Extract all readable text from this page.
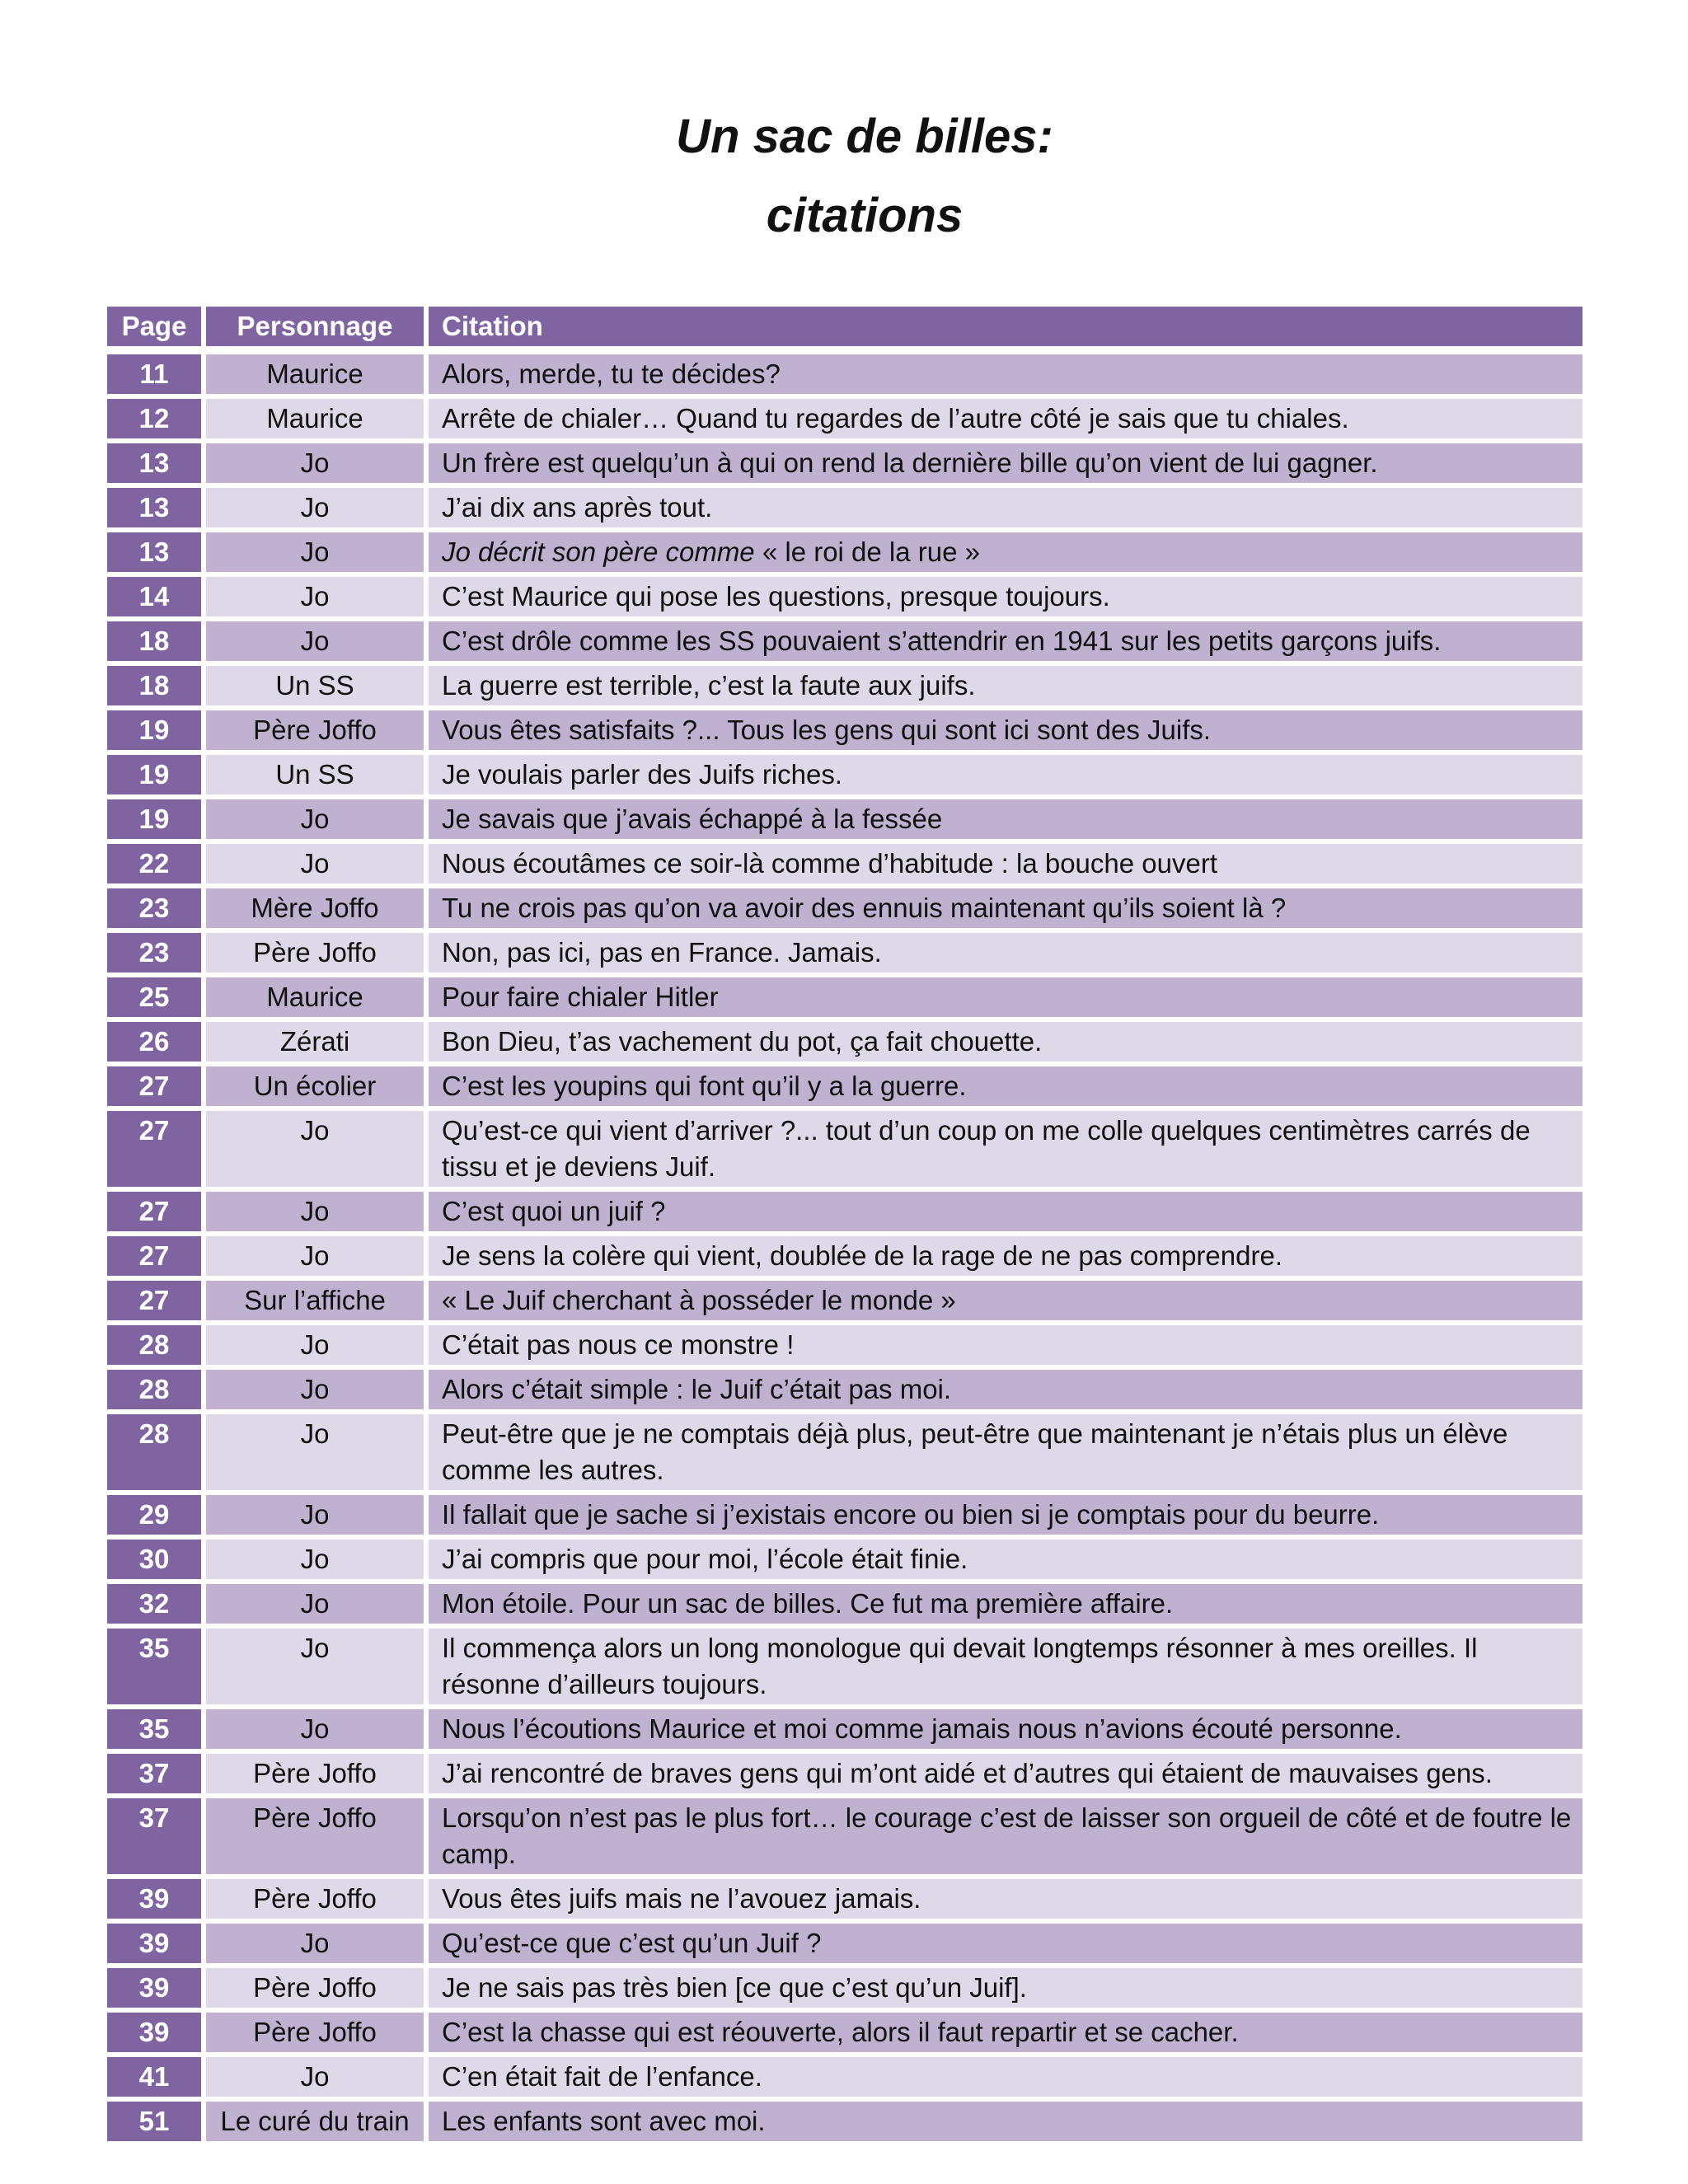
Un sac de billes:
citations
Page	Personnage	Citation
11	Maurice	Alors, merde, tu te décides?
12	Maurice	Arrête de chialer… Quand tu regardes de l’autre côté je sais que tu chiales.
13	Jo	Un frère est quelqu’un à qui on rend la dernière bille qu’on vient de lui gagner.
13	Jo	J’ai dix ans après tout.
13	Jo	Jo décrit son père comme « le roi de la rue »
14	Jo	C’est Maurice qui pose les questions, presque toujours.
18	Jo	C’est drôle comme les SS pouvaient s’attendrir en 1941 sur les petits garçons juifs.
18	Un SS	La guerre est terrible, c’est la faute aux juifs.
19	Père Joffo	Vous êtes satisfaits ?... Tous les gens qui sont ici sont des Juifs.
19	Un SS	Je voulais parler des Juifs riches.
19	Jo	Je savais que j’avais échappé à la fessée
22	Jo	Nous écoutâmes ce soir-là comme d’habitude : la bouche ouvert
23	Mère Joffo	Tu ne crois pas qu’on va avoir des ennuis maintenant qu’ils soient là ?
23	Père Joffo	Non, pas ici, pas en France. Jamais.
25	Maurice	Pour faire chialer Hitler
26	Zérati	Bon Dieu, t’as vachement du pot, ça fait chouette.
27	Un écolier	C’est les youpins qui font qu’il y a la guerre.
27	Jo	Qu’est-ce qui vient d’arriver ?... tout d’un coup on me colle quelques centimètres carrés de tissu et je deviens Juif.
27	Jo	C’est quoi un juif ?
27	Jo	Je sens la colère qui vient, doublée de la rage de ne pas comprendre.
27	Sur l’affiche	« Le Juif cherchant à posséder le monde »
28	Jo	C’était pas nous ce monstre !
28	Jo	Alors c’était simple : le Juif c’était pas moi.
28	Jo	Peut-être que je ne comptais déjà plus, peut-être que maintenant je n’étais plus un élève comme les autres.
29	Jo	Il fallait que je sache si j’existais encore ou bien si je comptais pour du beurre.
30	Jo	J’ai compris que pour moi, l’école était finie.
32	Jo	Mon étoile. Pour un sac de billes. Ce fut ma première affaire.
35	Jo	Il commença alors un long monologue qui devait longtemps résonner à mes oreilles. Il résonne d’ailleurs toujours.
35	Jo	Nous l’écoutions Maurice et moi comme jamais nous n’avions écouté personne.
37	Père Joffo	J’ai rencontré de braves gens qui m’ont aidé et d’autres qui étaient de mauvaises gens.
37	Père Joffo	Lorsqu’on n’est pas le plus fort… le courage c’est de laisser son orgueil de côté et de foutre le camp.
39	Père Joffo	Vous êtes juifs mais ne l’avouez jamais.
39	Jo	Qu’est-ce que c’est qu’un Juif ?
39	Père Joffo	Je ne sais pas très bien [ce que c’est qu’un Juif].
39	Père Joffo	C’est la chasse qui est réouverte, alors il faut repartir et se cacher.
41	Jo	C’en était fait de l’enfance.
51	Le curé du train	Les enfants sont avec moi.
